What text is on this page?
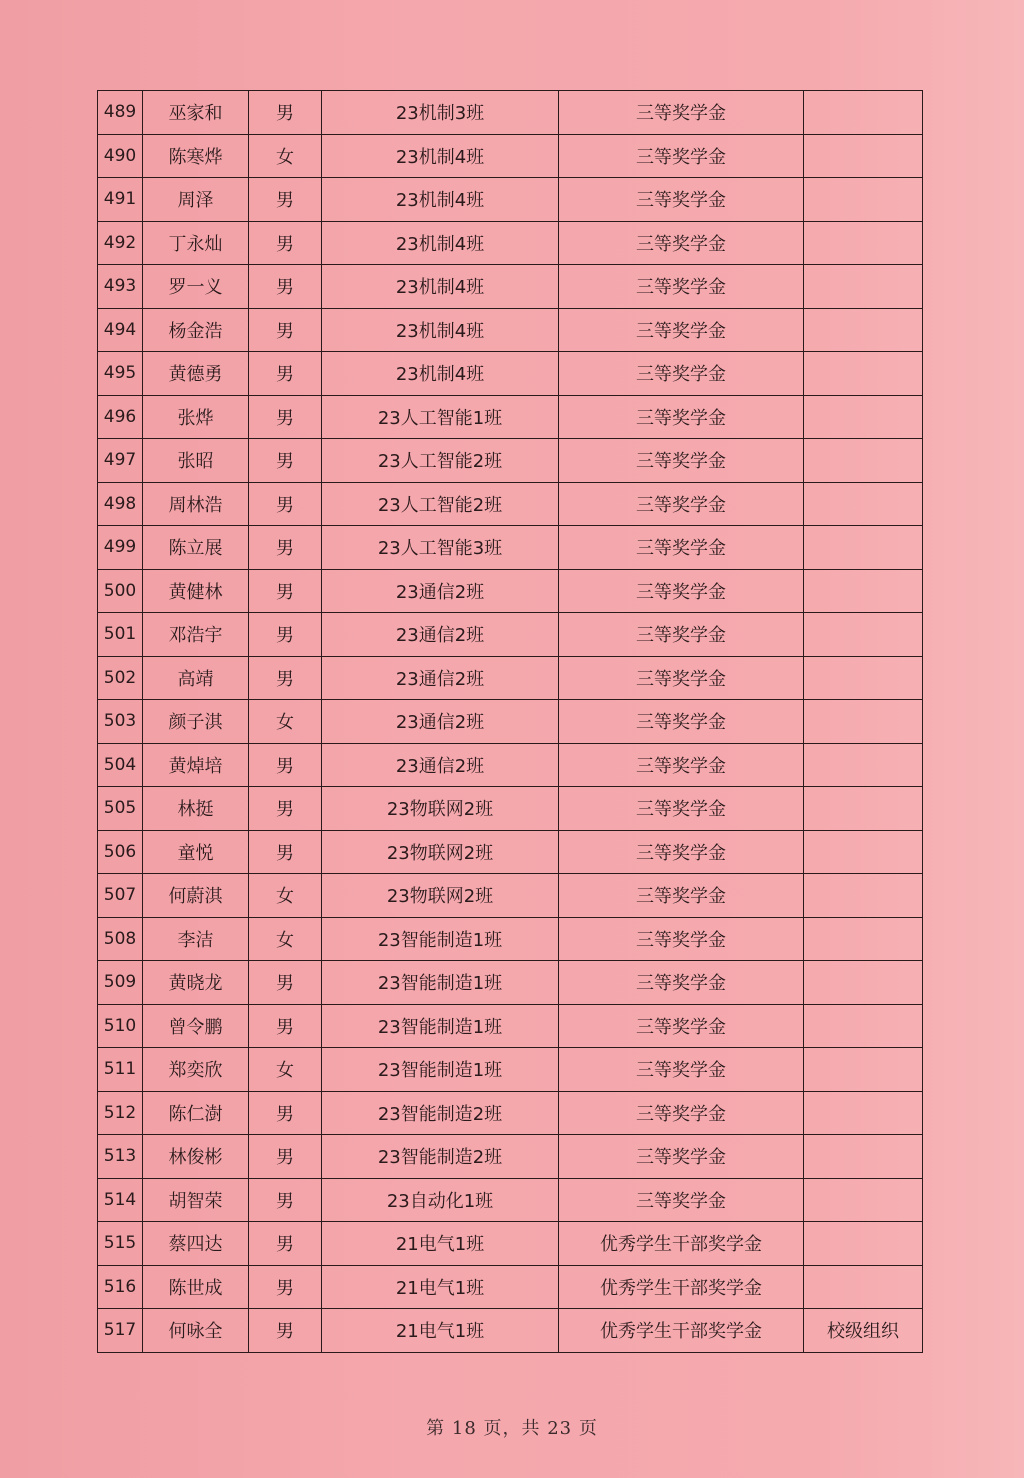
489	巫家和	男	23机制3班	三等奖学金	
490	陈寒烨	女	23机制4班	三等奖学金	
491	周泽	男	23机制4班	三等奖学金	
492	丁永灿	男	23机制4班	三等奖学金	
493	罗一义	男	23机制4班	三等奖学金	
494	杨金浩	男	23机制4班	三等奖学金	
495	黄德勇	男	23机制4班	三等奖学金	
496	张烨	男	23人工智能1班	三等奖学金	
497	张昭	男	23人工智能2班	三等奖学金	
498	周林浩	男	23人工智能2班	三等奖学金	
499	陈立展	男	23人工智能3班	三等奖学金	
500	黄健林	男	23通信2班	三等奖学金	
501	邓浩宇	男	23通信2班	三等奖学金	
502	高靖	男	23通信2班	三等奖学金	
503	颜子淇	女	23通信2班	三等奖学金	
504	黄焯培	男	23通信2班	三等奖学金	
505	林挺	男	23物联网2班	三等奖学金	
506	童悦	男	23物联网2班	三等奖学金	
507	何蔚淇	女	23物联网2班	三等奖学金	
508	李洁	女	23智能制造1班	三等奖学金	
509	黄晓龙	男	23智能制造1班	三等奖学金	
510	曾令鹏	男	23智能制造1班	三等奖学金	
511	郑奕欣	女	23智能制造1班	三等奖学金	
512	陈仁澍	男	23智能制造2班	三等奖学金	
513	林俊彬	男	23智能制造2班	三等奖学金	
514	胡智荣	男	23自动化1班	三等奖学金	
515	蔡四达	男	21电气1班	优秀学生干部奖学金	
516	陈世成	男	21电气1班	优秀学生干部奖学金	
517	何咏全	男	21电气1班	优秀学生干部奖学金	校级组织
第 18 页，共 23 页
